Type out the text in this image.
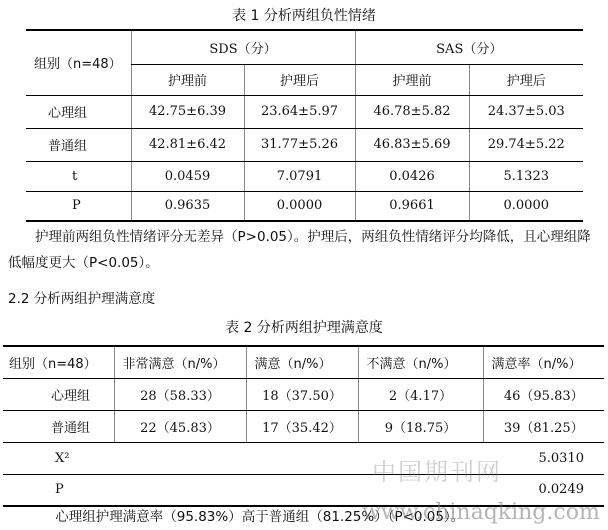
表 1 分析两组负性情绪
组别（n=48）	SDS（分）		SAS（分）	
	护理前	护理后	护理前	护理后
心理组	42.75±6.39	23.64±5.97	46.78±5.82	24.37±5.03
普通组	42.81±6.42	31.77±5.26	46.83±5.69	29.74±5.22
t	0.0459	7.0791	0.0426	5.1323
P	0.9635	0.0000	0.9661	0.0000
护理前两组负性情绪评分无差异（P>0.05）。护理后，两组负性情绪评分均降低，且心理组降低幅度更大（P<0.05）。
2.2 分析两组护理满意度
表 2 分析两组护理满意度
组别（n=48）	非常满意（n/%）	满意（n/%）	不满意（n/%）	满意率（n/%）
心理组	28（58.33）	18（37.50）	2（4.17）	46（95.83）
普通组	22（45.83）	17（35.42）	9（18.75）	39（81.25）
X²				5.0310
P				0.0249
心理组护理满意率（95.83%）高于普通组（81.25%）（P<0.05）。
中国期刊网
www.chinaqking.com
